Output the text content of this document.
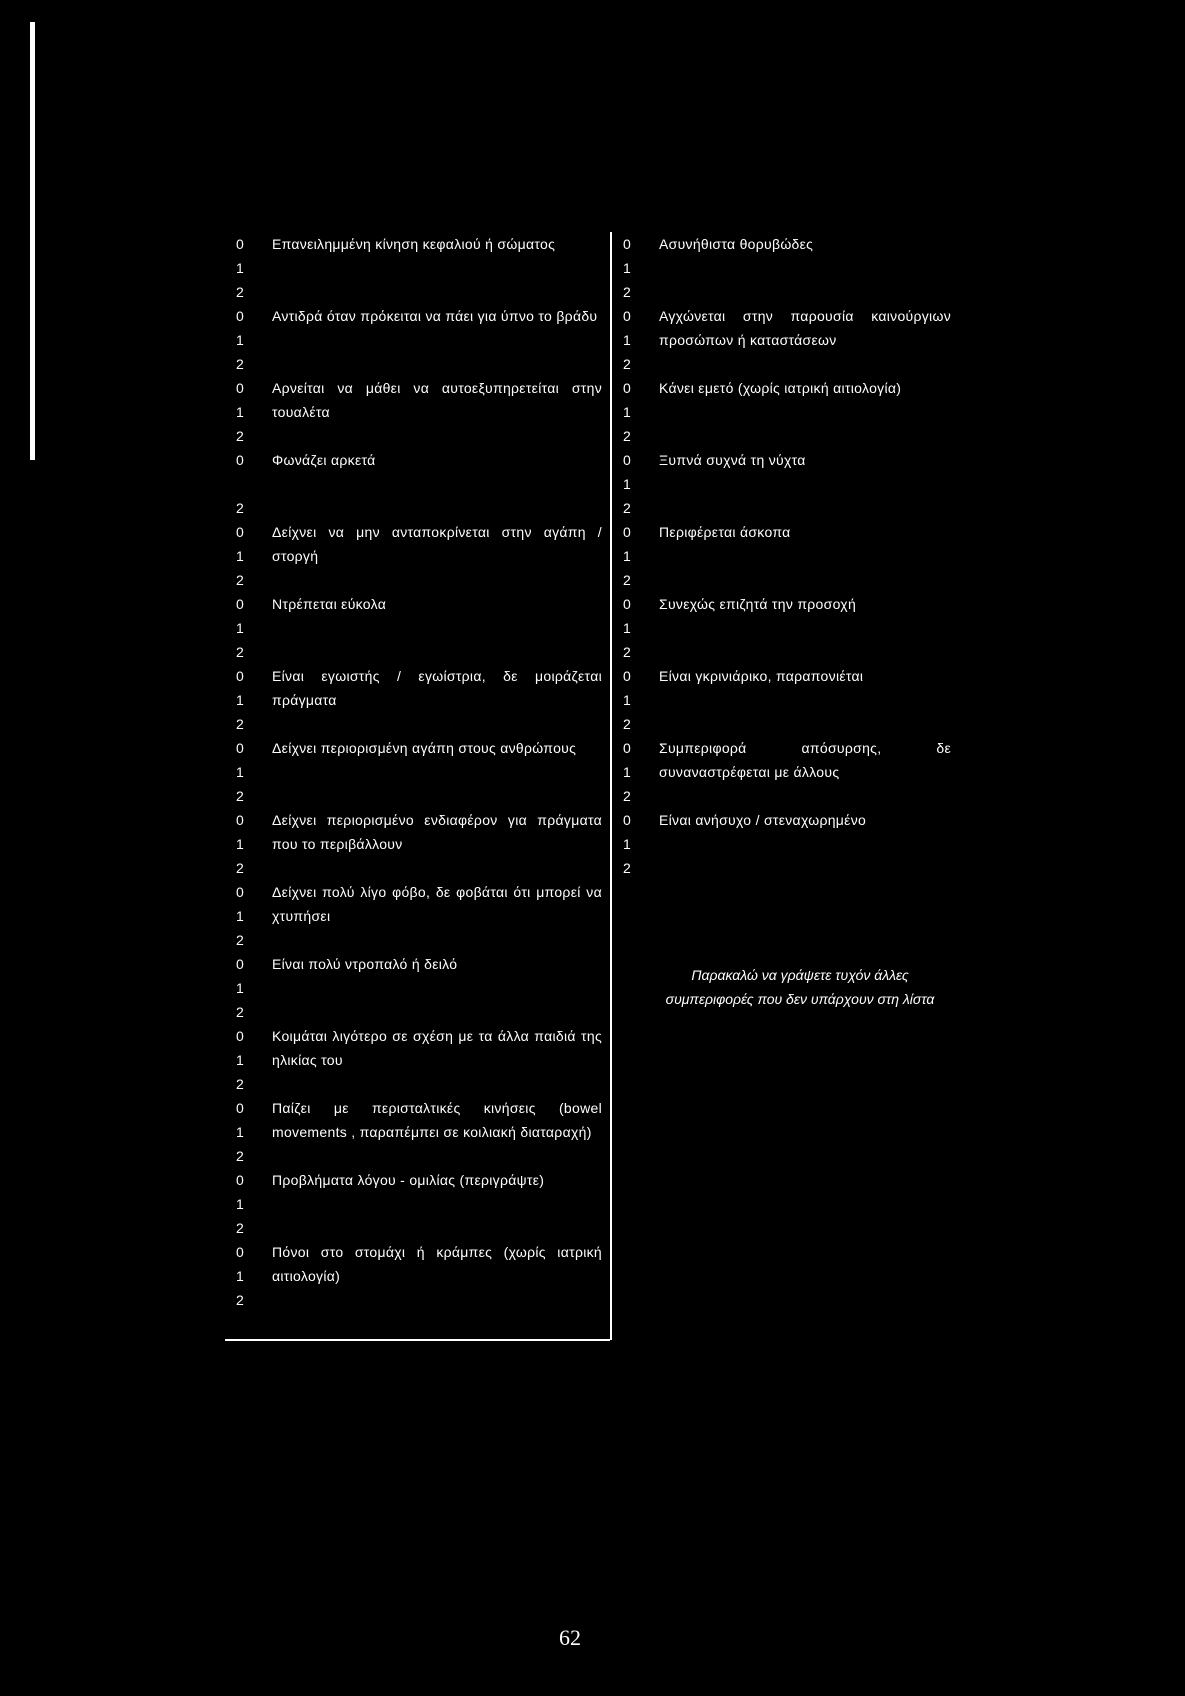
0
1
2
Επανειλημμένη κίνηση κεφαλιού ή σώματος
0
1
2
Αντιδρά όταν πρόκειται να πάει για ύπνο το βράδυ
0
1
2
Αρνείται να μάθει να αυτοεξυπηρετείται στην τουαλέτα
0
2
Φωνάζει αρκετά
0
1
2
Δείχνει να μην ανταποκρίνεται στην αγάπη / στοργή
0
1
2
Ντρέπεται εύκολα
0
1
2
Είναι εγωιστής / εγωίστρια, δε μοιράζεται πράγματα
0
1
2
Δείχνει περιορισμένη αγάπη στους ανθρώπους
0
1
2
Δείχνει περιορισμένο ενδιαφέρον για πράγματα που το περιβάλλουν
0
1
2
Δείχνει πολύ λίγο φόβο, δε φοβάται ότι μπορεί να χτυπήσει
0
1
2
Είναι πολύ ντροπαλό ή δειλό
0
1
2
Κοιμάται λιγότερο σε σχέση με τα άλλα παιδιά της ηλικίας του
0
1
2
Παίζει με περισταλτικές κινήσεις (bowel movements , παραπέμπει σε κοιλιακή διαταραχή)
0
1
2
Προβλήματα λόγου - ομιλίας (περιγράψτε)
0
1
2
Πόνοι στο στομάχι ή κράμπες (χωρίς ιατρική αιτιολογία)
0
1
2
Ασυνήθιστα θορυβώδες
0
1
2
Αγχώνεται στην παρουσία καινούργιων προσώπων ή καταστάσεων
0
1
2
Κάνει εμετό (χωρίς ιατρική αιτιολογία)
0
1
2
Ξυπνά συχνά τη νύχτα
0
1
2
Περιφέρεται άσκοπα
0
1
2
Συνεχώς επιζητά την προσοχή
0
1
2
Είναι γκρινιάρικο, παραπονιέται
0
1
2
Συμπεριφορά απόσυρσης, δε συναναστρέφεται με άλλους
0
1
2
Είναι ανήσυχο / στεναχωρημένο
Παρακαλώ να γράψετε τυχόν άλλες συμπεριφορές που δεν υπάρχουν στη λίστα
62
